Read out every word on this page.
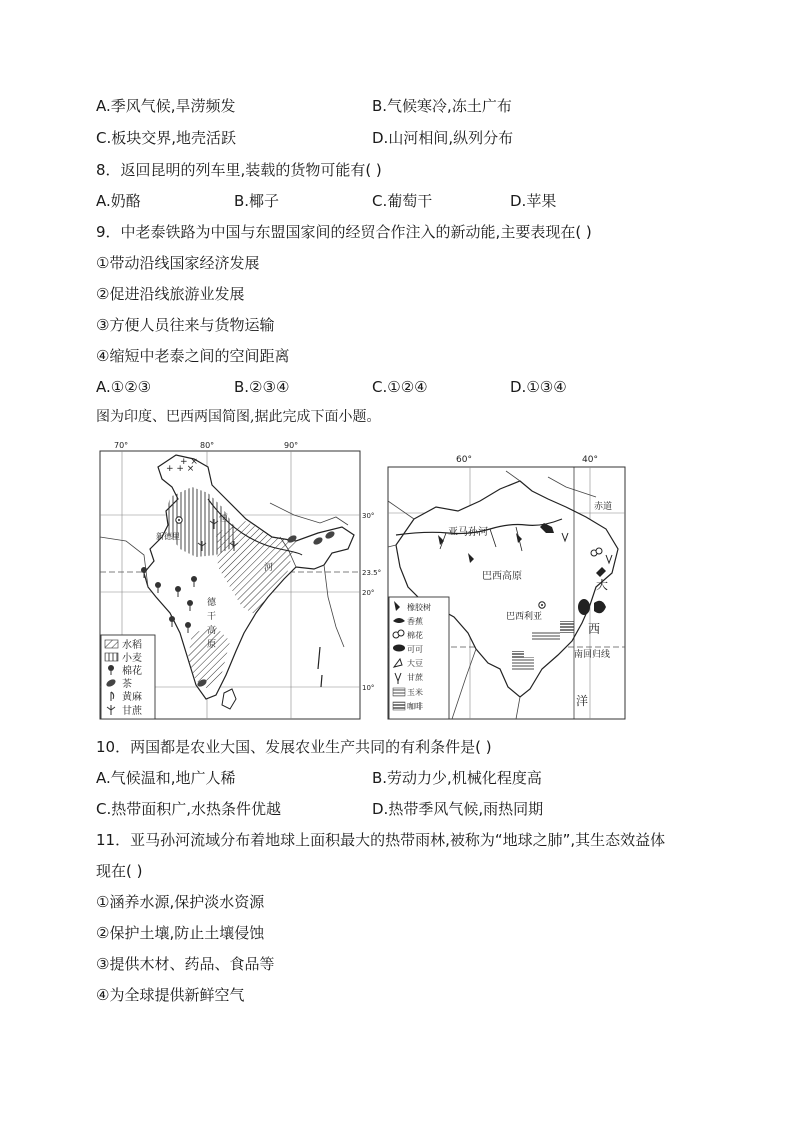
A.季风气候,旱涝频发	B.气候寒冷,冻土广布
C.板块交界,地壳活跃	D.山河相间,纵列分布
8．返回昆明的列车里,装载的货物可能有( )
A.奶酪	B.椰子	C.葡萄干	D.苹果
9．中老泰铁路为中国与东盟国家间的经贸合作注入的新动能,主要表现在( )
①带动沿线国家经济发展
②促进沿线旅游业发展
③方便人员往来与货物运输
④缩短中老泰之间的空间距离
A.①②③	B.②③④	C.①②④	D.①③④
图为印度、巴西两国简图,据此完成下面小题。
+ + ×
+ ×
新德里
恒
河
德
干
高
原
70°	80°	90°
30°
23.5°
20°
10°
水稻
小麦
棉花
茶
黄麻
甘蔗
60°	40°
赤道
南回归线
亚马孙河
巴西高原
巴西利亚
大
西
洋
橡胶树
香蕉
棉花
可可
大豆
甘蔗
玉米
咖啡
10．两国都是农业大国、发展农业生产共同的有利条件是( )
A.气候温和,地广人稀	B.劳动力少,机械化程度高
C.热带面积广,水热条件优越	D.热带季风气候,雨热同期
11．亚马孙河流域分布着地球上面积最大的热带雨林,被称为“地球之肺”,其生态效益体
现在( )
①涵养水源,保护淡水资源
②保护土壤,防止土壤侵蚀
③提供木材、药品、食品等
④为全球提供新鲜空气
